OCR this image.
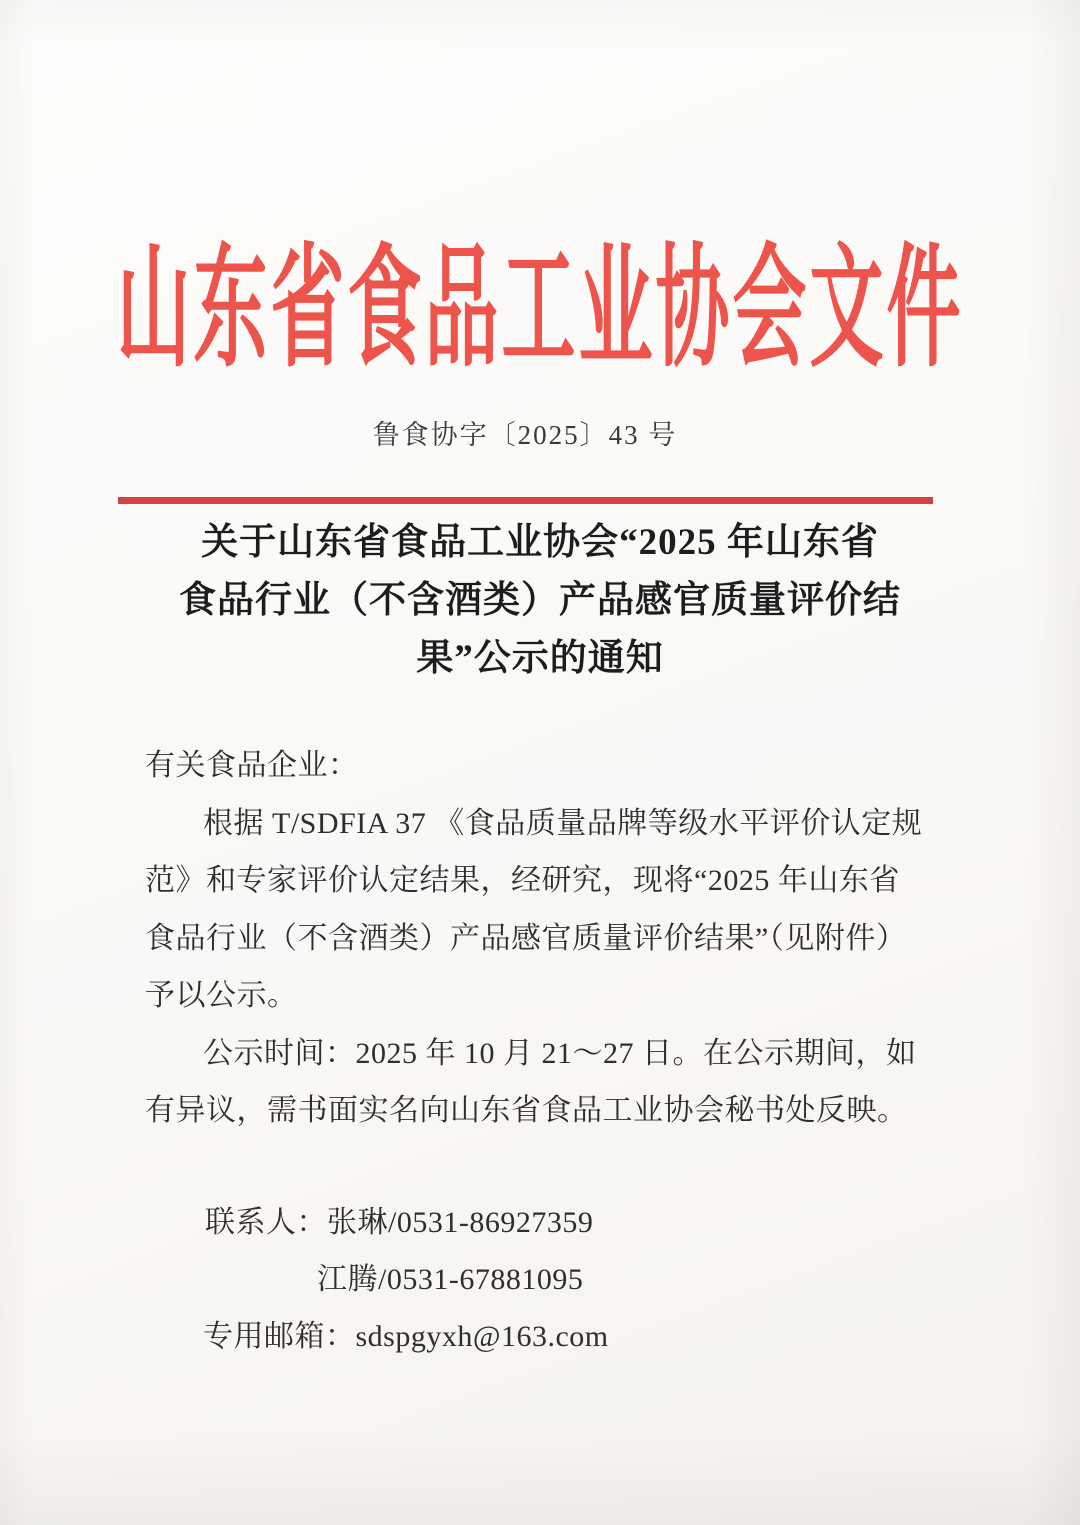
山东省食品工业协会文件
鲁食协字〔2025〕43 号
关于山东省食品工业协会“2025 年山东省
食品行业（不含酒类）产品感官质量评价结
果”公示的通知
有关食品企业：
根据 T/SDFIA 37 《食品质量品牌等级水平评价认定规
范》和专家评价认定结果，经研究，现将“2025 年山东省
食品行业（不含酒类）产品感官质量评价结果”（见附件）
予以公示。
公示时间：2025 年 10 月 21～27 日。在公示期间，如
有异议，需书面实名向山东省食品工业协会秘书处反映。
联系人：张琳/0531-86927359
江腾/0531-67881095
专用邮箱：sdspgyxh@163.com
